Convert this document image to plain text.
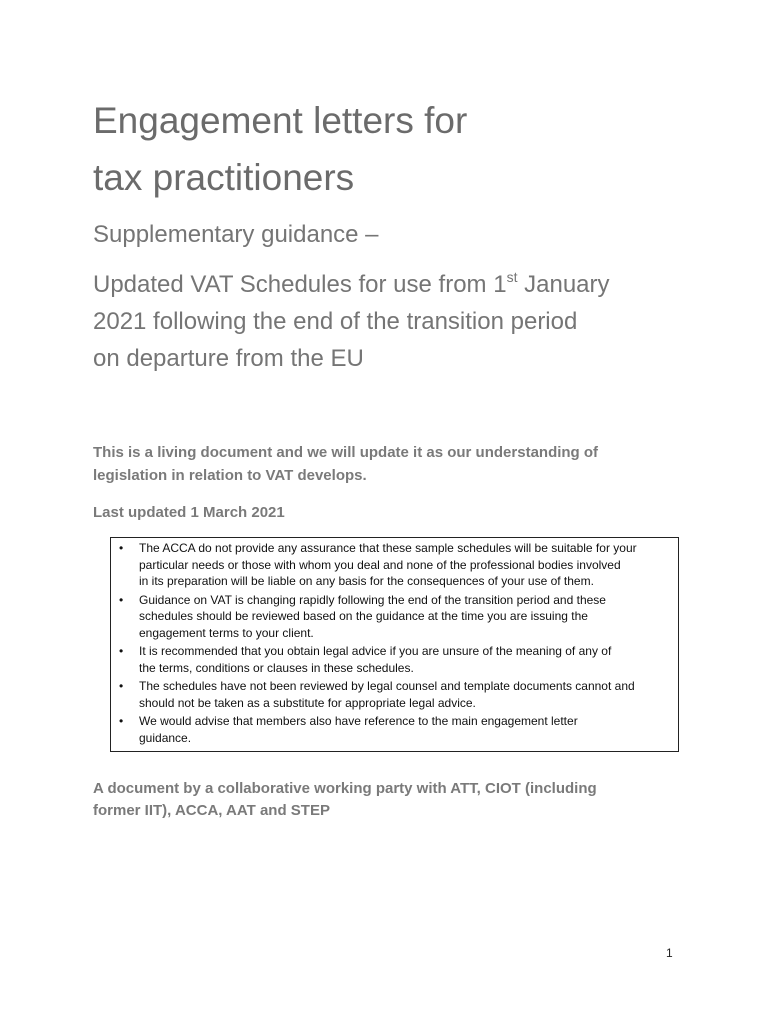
Engagement letters for
tax practitioners
Supplementary guidance –
Updated VAT Schedules for use from 1st January
2021 following the end of the transition period
on departure from the EU

This is a living document and we will update it as our understanding of
legislation in relation to VAT develops.

Last updated 1 March 2021

• The ACCA do not provide any assurance that these sample schedules will be suitable for your
particular needs or those with whom you deal and none of the professional bodies involved
in its preparation will be liable on any basis for the consequences of your use of them.
• Guidance on VAT is changing rapidly following the end of the transition period and these
schedules should be reviewed based on the guidance at the time you are issuing the
engagement terms to your client.
• It is recommended that you obtain legal advice if you are unsure of the meaning of any of
the terms, conditions or clauses in these schedules.
• The schedules have not been reviewed by legal counsel and template documents cannot and
should not be taken as a substitute for appropriate legal advice.
• We would advise that members also have reference to the main engagement letter
guidance.

A document by a collaborative working party with ATT, CIOT (including
former IIT), ACCA, AAT and STEP

1
